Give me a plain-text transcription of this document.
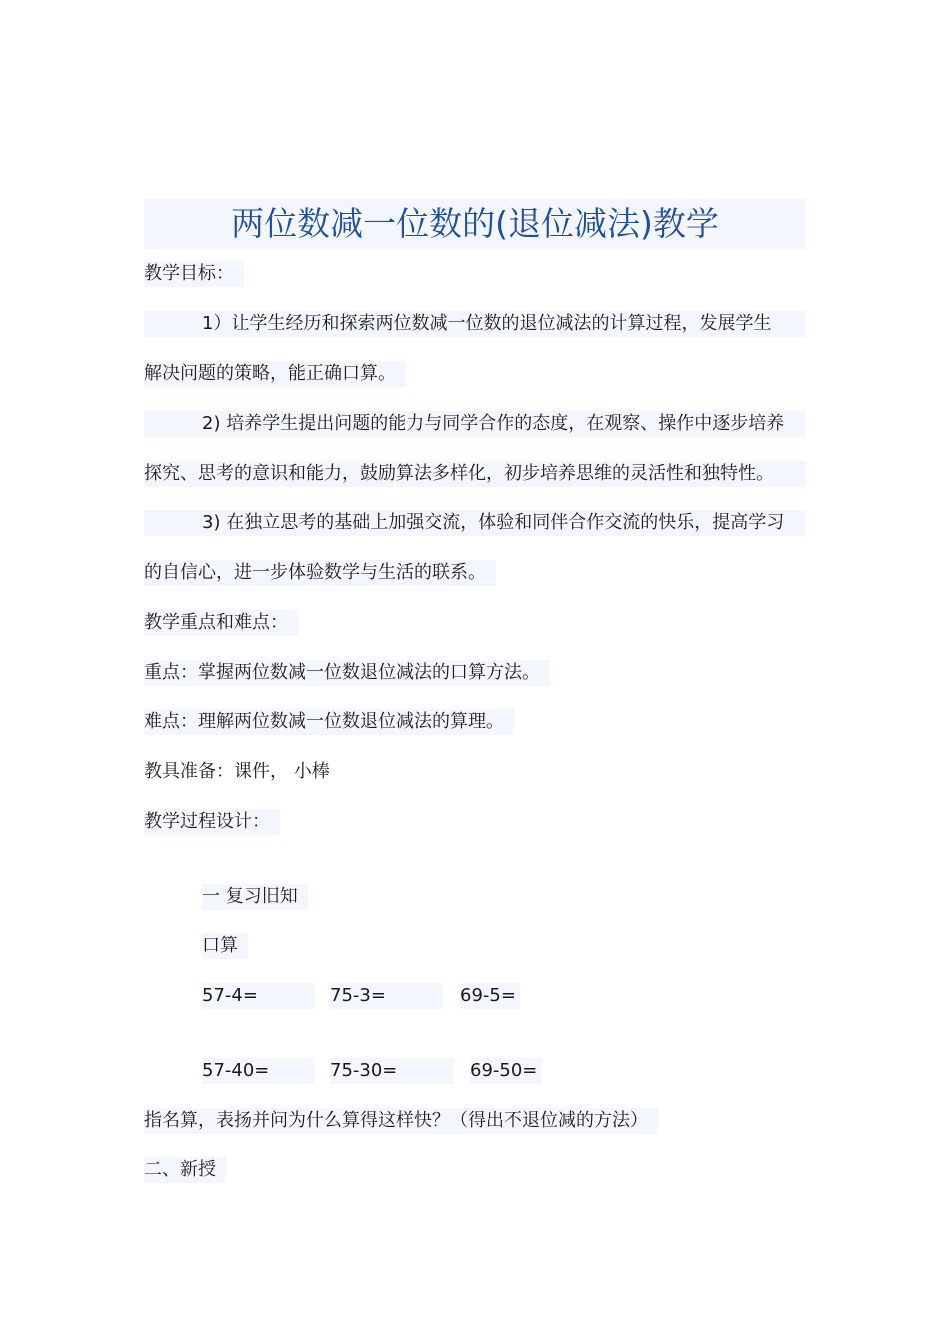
两位数减一位数的(退位减法)教学
教学目标：
1）让学生经历和探索两位数减一位数的退位减法的计算过程，发展学生
解决问题的策略，能正确口算。
2) 培养学生提出问题的能力与同学合作的态度，在观察、操作中逐步培养
探究、思考的意识和能力，鼓励算法多样化，初步培养思维的灵活性和独特性。
3) 在独立思考的基础上加强交流，体验和同伴合作交流的快乐，提高学习
的自信心，进一步体验数学与生活的联系。
教学重点和难点：
重点：掌握两位数减一位数退位减法的口算方法。
难点：理解两位数减一位数退位减法的算理。
教具准备：课件， 小棒
教学过程设计：
一 复习旧知
口算
57-4=	75-3=	69-5=
57-40=	75-30=	69-50=
指名算，表扬并问为什么算得这样快？（得出不退位减的方法）
二、新授
